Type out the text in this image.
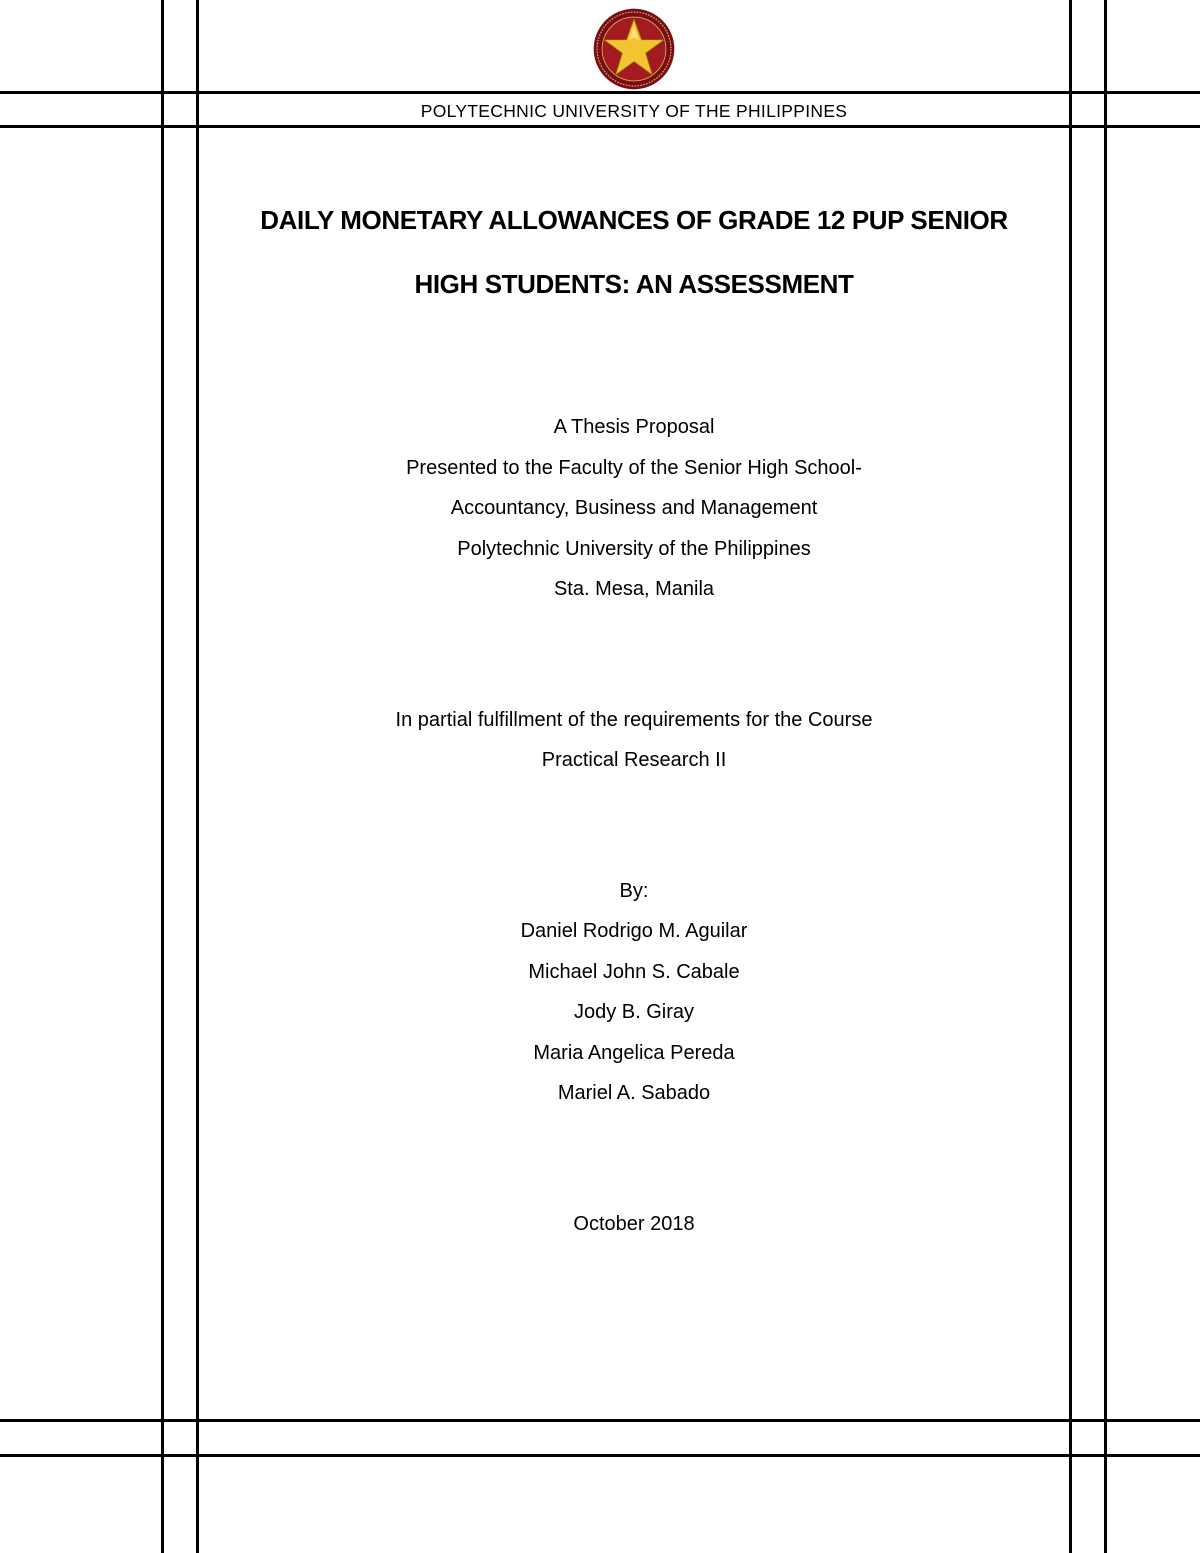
POLYTECHNIC UNIVERSITY OF THE PHILIPPINES
DAILY MONETARY ALLOWANCES OF GRADE 12 PUP SENIOR
HIGH STUDENTS: AN ASSESSMENT
A Thesis Proposal
Presented to the Faculty of the Senior High School-
Accountancy, Business and Management
Polytechnic University of the Philippines
Sta. Mesa, Manila
In partial fulfillment of the requirements for the Course
Practical Research II
By:
Daniel Rodrigo M. Aguilar
Michael John S. Cabale
Jody B. Giray
Maria Angelica Pereda
Mariel A. Sabado
October 2018
